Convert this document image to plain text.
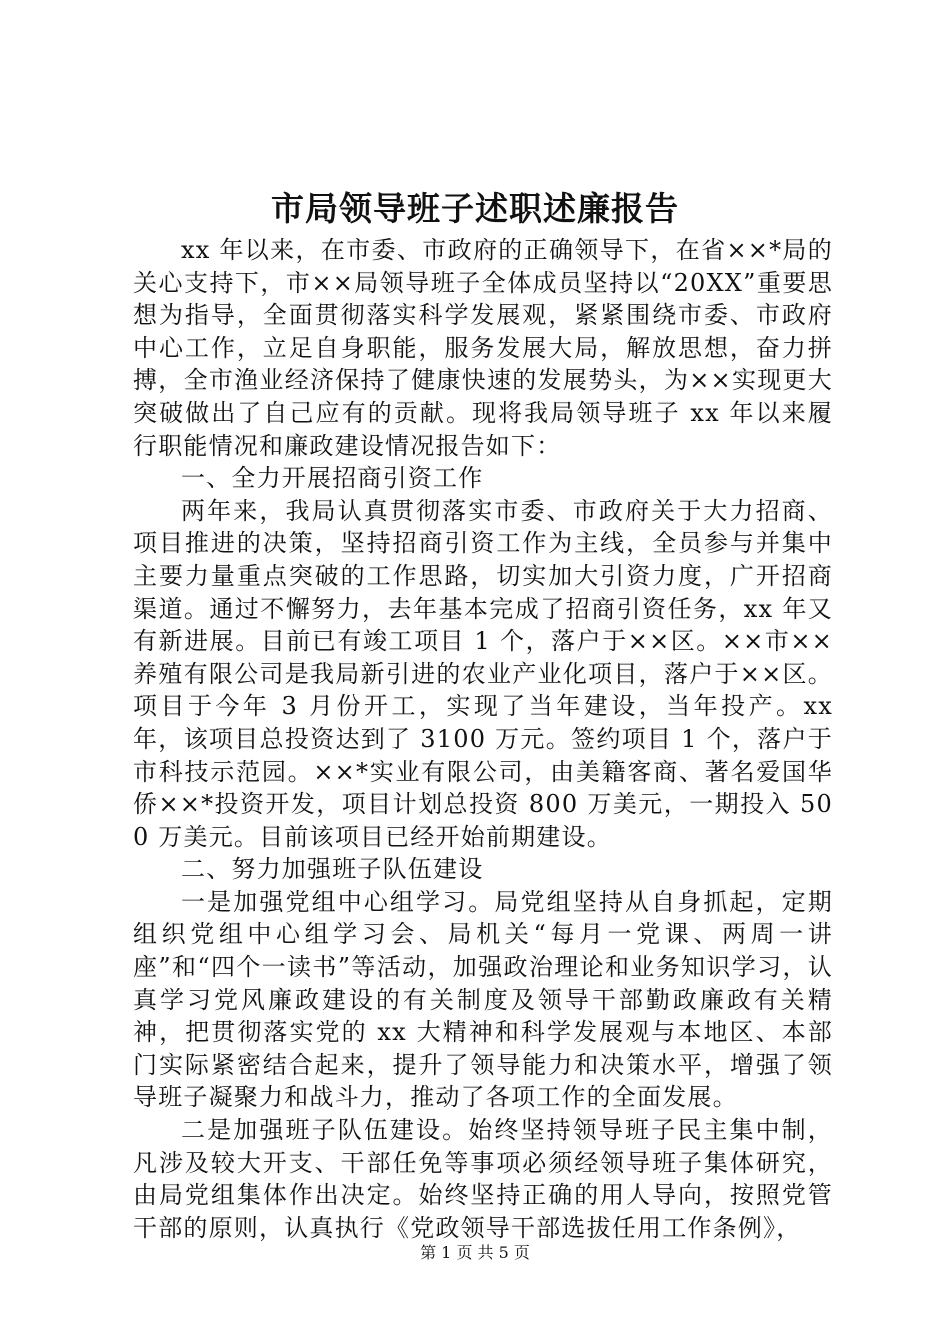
市局领导班子述职述廉报告

xx 年以来，在市委、市政府的正确领导下，在省××*局的关心支持下，市××局领导班子全体成员坚持以“20XX”重要思想为指导，全面贯彻落实科学发展观，紧紧围绕市委、市政府中心工作，立足自身职能，服务发展大局，解放思想，奋力拼搏，全市渔业经济保持了健康快速的发展势头，为××实现更大突破做出了自己应有的贡献。现将我局领导班子 xx 年以来履行职能情况和廉政建设情况报告如下：

一、全力开展招商引资工作

两年来，我局认真贯彻落实市委、市政府关于大力招商、项目推进的决策，坚持招商引资工作为主线，全员参与并集中主要力量重点突破的工作思路，切实加大引资力度，广开招商渠道。通过不懈努力，去年基本完成了招商引资任务，xx 年又有新进展。目前已有竣工项目 1 个，落户于××区。××市××养殖有限公司是我局新引进的农业产业化项目，落户于××区。项目于今年 3 月份开工，实现了当年建设，当年投产。xx 年，该项目总投资达到了 3100 万元。签约项目 1 个，落户于市科技示范园。××*实业有限公司，由美籍客商、著名爱国华侨××*投资开发，项目计划总投资 800 万美元，一期投入 500 万美元。目前该项目已经开始前期建设。

二、努力加强班子队伍建设

一是加强党组中心组学习。局党组坚持从自身抓起，定期组织党组中心组学习会、局机关“每月一党课、两周一讲座”和“四个一读书”等活动，加强政治理论和业务知识学习，认真学习党风廉政建设的有关制度及领导干部勤政廉政有关精神，把贯彻落实党的 xx 大精神和科学发展观与本地区、本部门实际紧密结合起来，提升了领导能力和决策水平，增强了领导班子凝聚力和战斗力，推动了各项工作的全面发展。

二是加强班子队伍建设。始终坚持领导班子民主集中制，凡涉及较大开支、干部任免等事项必须经领导班子集体研究，由局党组集体作出决定。始终坚持正确的用人导向，按照党管干部的原则，认真执行《党政领导干部选拔任用工作条例》，

第 1 页 共 5 页
